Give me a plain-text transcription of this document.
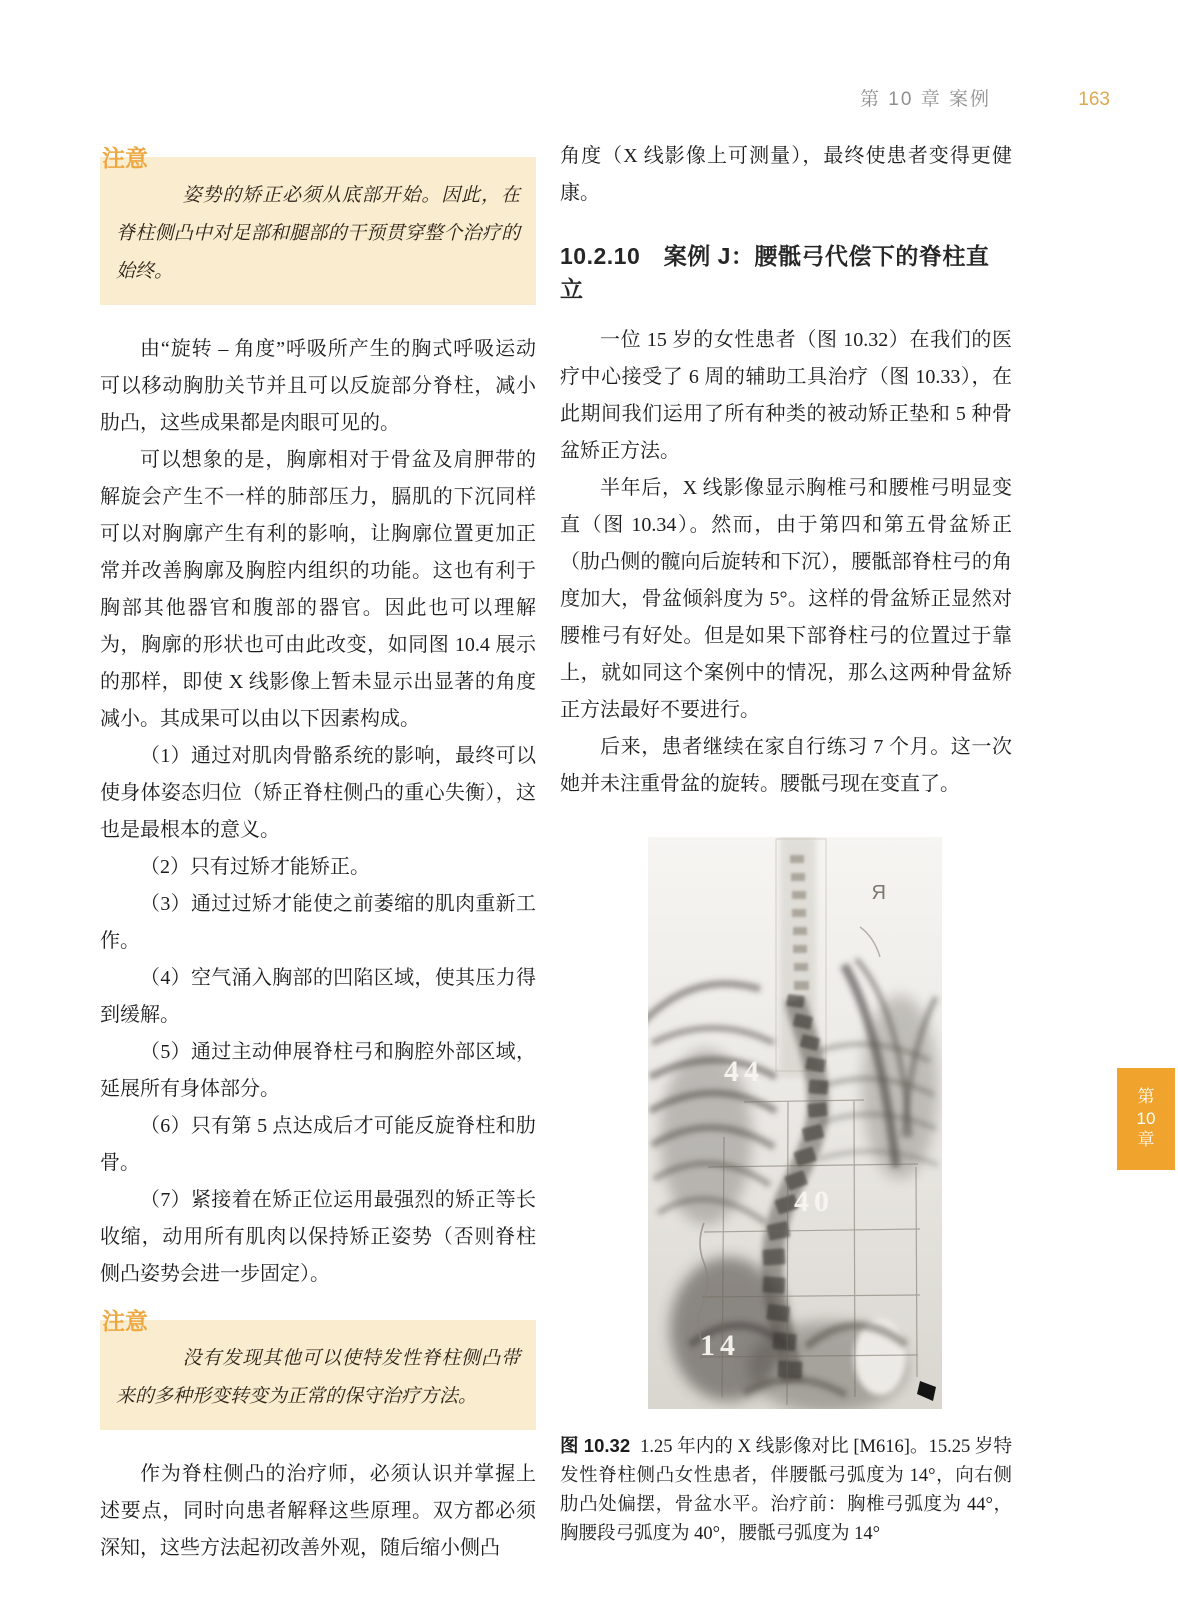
第 10 章 案例	163
注意
姿势的矫正必须从底部开始。因此，在脊柱侧凸中对足部和腿部的干预贯穿整个治疗的始终。

由“旋转 – 角度”呼吸所产生的胸式呼吸运动可以移动胸肋关节并且可以反旋部分脊柱，减小肋凸，这些成果都是肉眼可见的。

可以想象的是，胸廓相对于骨盆及肩胛带的解旋会产生不一样的肺部压力，膈肌的下沉同样可以对胸廓产生有利的影响，让胸廓位置更加正常并改善胸廓及胸腔内组织的功能。这也有利于胸部其他器官和腹部的器官。因此也可以理解为，胸廓的形状也可由此改变，如同图 10.4 展示的那样，即使 X 线影像上暂未显示出显著的角度减小。其成果可以由以下因素构成。

（1）通过对肌肉骨骼系统的影响，最终可以使身体姿态归位（矫正脊柱侧凸的重心失衡），这也是最根本的意义。

（2）只有过矫才能矫正。

（3）通过过矫才能使之前萎缩的肌肉重新工作。

（4）空气涌入胸部的凹陷区域，使其压力得到缓解。

（5）通过主动伸展脊柱弓和胸腔外部区域，延展所有身体部分。

（6）只有第 5 点达成后才可能反旋脊柱和肋骨。

（7）紧接着在矫正位运用最强烈的矫正等长收缩，动用所有肌肉以保持矫正姿势（否则脊柱侧凸姿势会进一步固定）。

注意
没有发现其他可以使特发性脊柱侧凸带来的多种形变转变为正常的保守治疗方法。

作为脊柱侧凸的治疗师，必须认识并掌握上述要点，同时向患者解释这些原理。双方都必须深知，这些方法起初改善外观，随后缩小侧凸

角度（X 线影像上可测量），最终使患者变得更健康。

10.2.10　案例 J：腰骶弓代偿下的脊柱直立

一位 15 岁的女性患者（图 10.32）在我们的医疗中心接受了 6 周的辅助工具治疗（图 10.33），在此期间我们运用了所有种类的被动矫正垫和 5 种骨盆矫正方法。

半年后，X 线影像显示胸椎弓和腰椎弓明显变直（图 10.34）。然而，由于第四和第五骨盆矫正（肋凸侧的髋向后旋转和下沉），腰骶部脊柱弓的角度加大，骨盆倾斜度为 5°。这样的骨盆矫正显然对腰椎弓有好处。但是如果下部脊柱弓的位置过于靠上，就如同这个案例中的情况，那么这两种骨盆矫正方法最好不要进行。

后来，患者继续在家自行练习 7 个月。这一次她并未注重骨盆的旋转。腰骶弓现在变直了。

44
40
14
R
图 10.32 1.25 年内的 X 线影像对比 [M616]。15.25 岁特发性脊柱侧凸女性患者，伴腰骶弓弧度为 14°，向右侧肋凸处偏摆，骨盆水平。治疗前：胸椎弓弧度为 44°，胸腰段弓弧度为 40°，腰骶弓弧度为 14°
第
10
章
